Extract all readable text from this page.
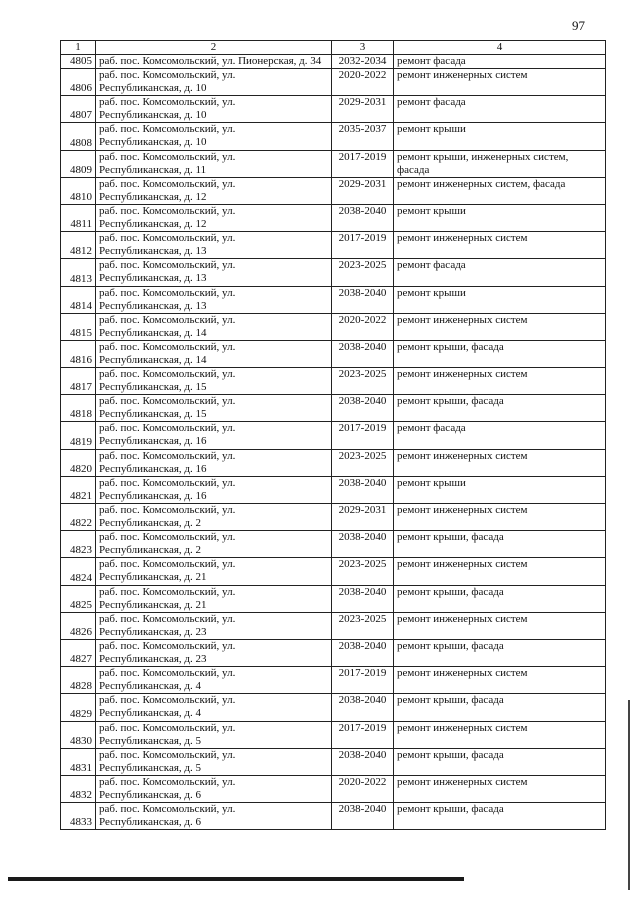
97
1	2	3	4
4805	раб. пос. Комсомольский, ул. Пионерская, д. 34	2032-2034	ремонт фасада
4806	раб. пос. Комсомольский, ул.
Республиканская, д. 10	2020-2022	ремонт инженерных систем
4807	раб. пос. Комсомольский, ул.
Республиканская, д. 10	2029-2031	ремонт фасада
4808	раб. пос. Комсомольский, ул.
Республиканская, д. 10	2035-2037	ремонт крыши
4809	раб. пос. Комсомольский, ул.
Республиканская, д. 11	2017-2019	ремонт крыши, инженерных систем, фасада
4810	раб. пос. Комсомольский, ул.
Республиканская, д. 12	2029-2031	ремонт инженерных систем, фасада
4811	раб. пос. Комсомольский, ул.
Республиканская, д. 12	2038-2040	ремонт крыши
4812	раб. пос. Комсомольский, ул.
Республиканская, д. 13	2017-2019	ремонт инженерных систем
4813	раб. пос. Комсомольский, ул.
Республиканская, д. 13	2023-2025	ремонт фасада
4814	раб. пос. Комсомольский, ул.
Республиканская, д. 13	2038-2040	ремонт крыши
4815	раб. пос. Комсомольский, ул.
Республиканская, д. 14	2020-2022	ремонт инженерных систем
4816	раб. пос. Комсомольский, ул.
Республиканская, д. 14	2038-2040	ремонт крыши, фасада
4817	раб. пос. Комсомольский, ул.
Республиканская, д. 15	2023-2025	ремонт инженерных систем
4818	раб. пос. Комсомольский, ул.
Республиканская, д. 15	2038-2040	ремонт крыши, фасада
4819	раб. пос. Комсомольский, ул.
Республиканская, д. 16	2017-2019	ремонт фасада
4820	раб. пос. Комсомольский, ул.
Республиканская, д. 16	2023-2025	ремонт инженерных систем
4821	раб. пос. Комсомольский, ул.
Республиканская, д. 16	2038-2040	ремонт крыши
4822	раб. пос. Комсомольский, ул.
Республиканская, д. 2	2029-2031	ремонт инженерных систем
4823	раб. пос. Комсомольский, ул.
Республиканская, д. 2	2038-2040	ремонт крыши, фасада
4824	раб. пос. Комсомольский, ул.
Республиканская, д. 21	2023-2025	ремонт инженерных систем
4825	раб. пос. Комсомольский, ул.
Республиканская, д. 21	2038-2040	ремонт крыши, фасада
4826	раб. пос. Комсомольский, ул.
Республиканская, д. 23	2023-2025	ремонт инженерных систем
4827	раб. пос. Комсомольский, ул.
Республиканская, д. 23	2038-2040	ремонт крыши, фасада
4828	раб. пос. Комсомольский, ул.
Республиканская, д. 4	2017-2019	ремонт инженерных систем
4829	раб. пос. Комсомольский, ул.
Республиканская, д. 4	2038-2040	ремонт крыши, фасада
4830	раб. пос. Комсомольский, ул.
Республиканская, д. 5	2017-2019	ремонт инженерных систем
4831	раб. пос. Комсомольский, ул.
Республиканская, д. 5	2038-2040	ремонт крыши, фасада
4832	раб. пос. Комсомольский, ул.
Республиканская, д. 6	2020-2022	ремонт инженерных систем
4833	раб. пос. Комсомольский, ул.
Республиканская, д. 6	2038-2040	ремонт крыши, фасада
